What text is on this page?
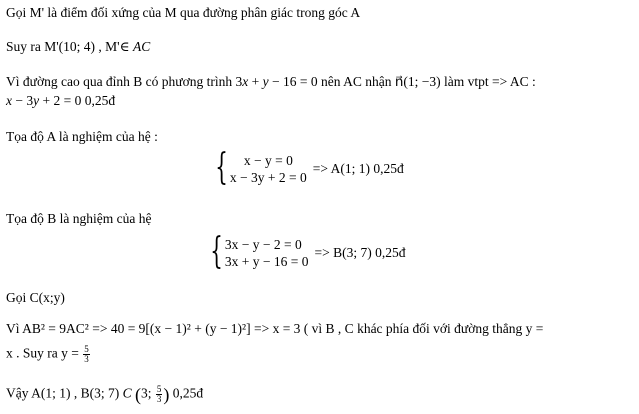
Gọi M' là điểm đối xứng của M qua đường phân giác trong góc A
Suy ra M'(10; 4) , M'∈ AC
Vì đường cao qua đỉnh B có phương trình 3x + y − 16 = 0 nên AC nhận n⃗(1; −3) làm vtpt => AC :
x − 3y + 2 = 0 0,25đ
Tọa độ A là nghiệm của hệ :
{	x − y = 0
x − 3y + 2 = 0
=> A(1; 1) 0,25đ
Tọa độ B là nghiệm của hệ
{ 3x − y − 2 = 0
3x + y − 16 = 0
=> B(3; 7) 0,25đ
Gọi C(x;y)
Vì AB² = 9AC² => 40 = 9[(x − 1)² + (y − 1)²] => x = 3 ( vì B , C khác phía đối với đường thẳng y =
x . Suy ra $y = \frac{5}{3}$
Vậy A(1; 1) , B(3; 7) C (3; $\frac{5}{3}$ ) 0,25đ
